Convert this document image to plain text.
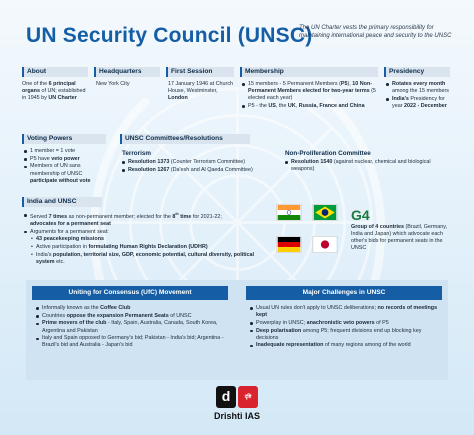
UN Security Council (UNSC)
The UN Charter vests the primary responsibility for maintaining international peace and security to the UNSC
About
One of the 6 principal organs of UN; established in 1945 by UN Charter
Headquarters
New York City
First Session
17 January 1946 at Church House, Westminster, London
Membership
15 members - 5 Permanent Members (P5), 10 Non-Permanent Members elected for two-year terms (5 elected each year)
P5 - the US, the UK, Russia, France and China
Presidency
Rotates every month among the 15 members
India's Presidency for year 2022 - December
Voting Powers
1 member = 1 vote
P5 have veto power
Members of UN sans membership of UNSC participate without vote
UNSC Committees/Resolutions
Terrorism
Resolution 1373 (Counter Terrorism Committee)
Resolution 1267 (Da'esh and Al Qaeda Committee)
Non-Proliferation Committee
Resolution 1540 (against nuclear, chemical and biological weapons)
India and UNSC
Served 7 times as non-permanent member; elected for the 8th time for 2021-22;
advocates for a permanent seat
Arguments for a permanent seat:
• 43 peacekeeping missions
• Active participation in formulating Human Rights Declaration (UDHR)
• India's population, territorial size, GDP, economic potential, cultural diversity, political system etc.
G4
Group of 4 countries (Brazil, Germany, India and Japan) which advocate each other's bids for permanent seats in the UNSC
Uniting for Consensus (UfC) Movement
Informally known as the Coffee Club
Countries oppose the expansion Permanent Seats of UNSC
Prime movers of the club - Italy, Spain, Australia, Canada, South Korea, Argentina and Pakistan
Italy and Spain opposed to Germany's bid; Pakistan - India's bid; Argentina - Brazil's bid and Australia - Japan's bid
Major Challenges in UNSC
Usual UN rules don't apply to UNSC deliberations; no records of meetings kept
Powerplay in UNSC; anachronistic veto powers of P5
Deep polarisation among P5; frequent divisions end up blocking key decisions
Inadequate representation of many regions among of the world
d	दृष्टि
Drishti IAS
